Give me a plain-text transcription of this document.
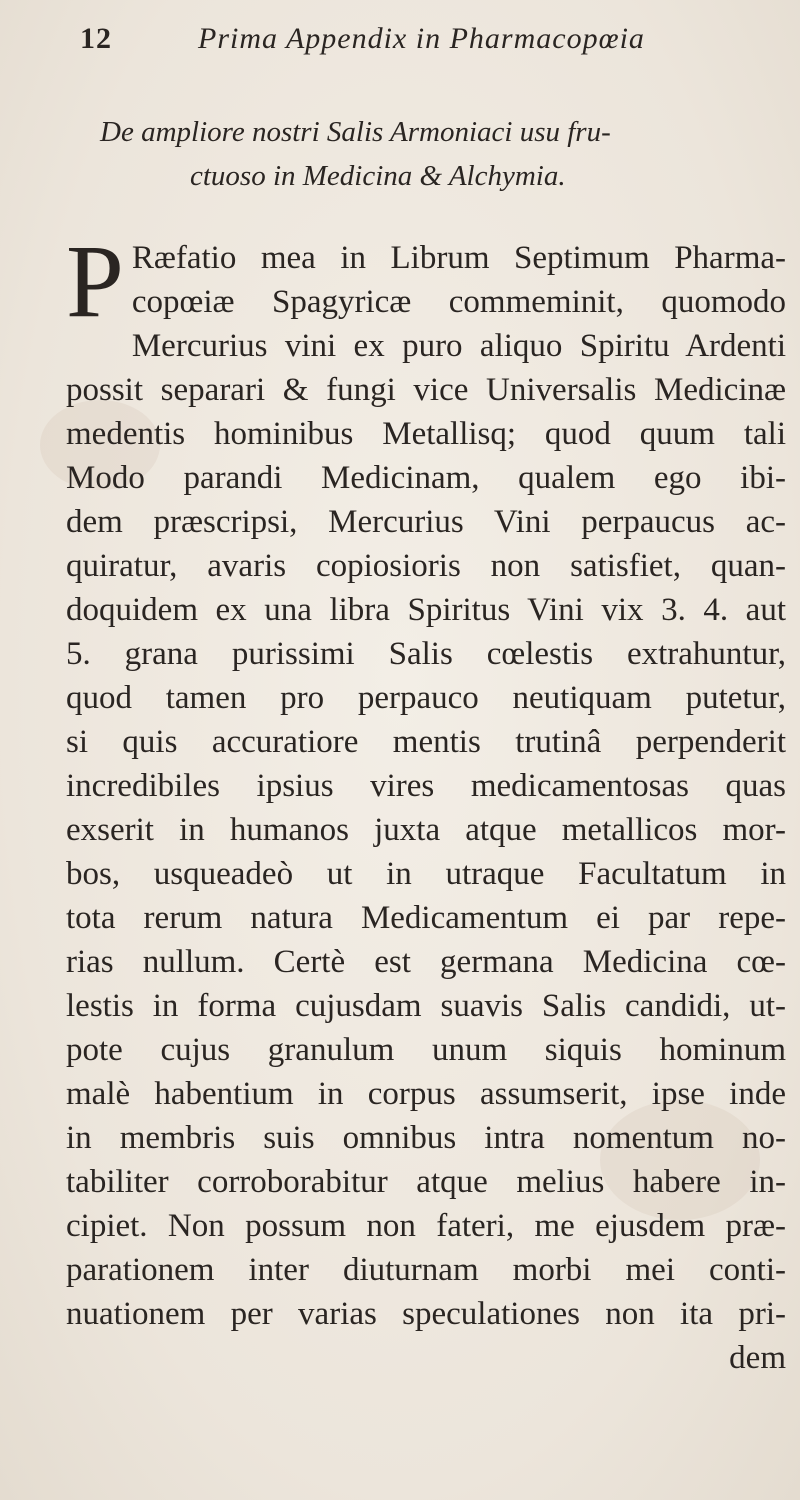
12	Prima Appendix in Pharmacopœia
De ampliore nostri Salis Armoniaci usu fru-
ctuoso in Medicina & Alchymia.
P Ræfatio mea in Librum Septimum Pharma-
copœiæ Spagyricæ commeminit, quomodo
Mercurius vini ex puro aliquo Spiritu Ardenti
possit separari & fungi vice Universalis Medicinæ
medentis hominibus Metallisq; quod quum tali
Modo parandi Medicinam, qualem ego ibi-
dem præscripsi, Mercurius Vini perpaucus ac-
quiratur, avaris copiosioris non satisfiet, quan-
doquidem ex una libra Spiritus Vini vix 3. 4. aut
5. grana purissimi Salis cœlestis extrahuntur,
quod tamen pro perpauco neutiquam putetur,
si quis accuratiore mentis trutinâ perpenderit
incredibiles ipsius vires medicamentosas quas
exserit in humanos juxta atque metallicos mor-
bos, usqueadeò ut in utraque Facultatum in
tota rerum natura Medicamentum ei par repe-
rias nullum. Certè est germana Medicina cœ-
lestis in forma cujusdam suavis Salis candidi, ut-
pote cujus granulum unum siquis hominum
malè habentium in corpus assumserit, ipse inde
in membris suis omnibus intra nomentum no-
tabiliter corroborabitur atque melius habere in-
cipiet. Non possum non fateri, me ejusdem præ-
parationem inter diuturnam morbi mei conti-
nuationem per varias speculationes non ita pri-
dem
